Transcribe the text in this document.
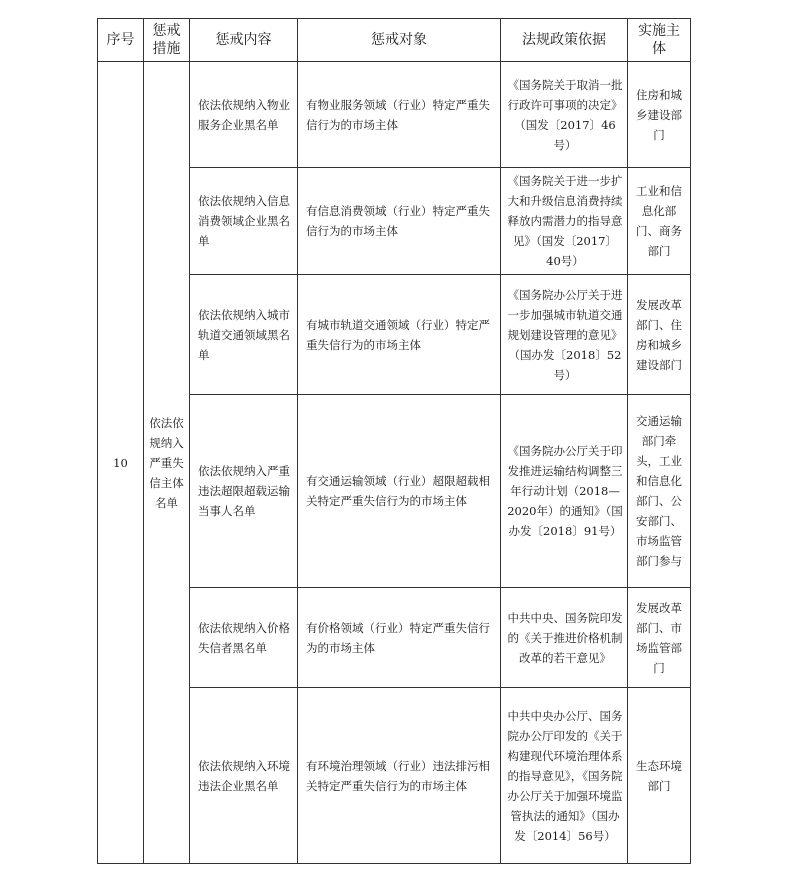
序号	惩戒措施	惩戒内容	惩戒对象	法规政策依据	实施主体
10	依法依规纳入严重失信主体名单	依法依规纳入物业服务企业黑名单	有物业服务领域（行业）特定严重失信行为的市场主体	《国务院关于取消一批行政许可事项的决定》（国发〔2017〕46号）	住房和城乡建设部门
		依法依规纳入信息消费领域企业黑名单	有信息消费领域（行业）特定严重失信行为的市场主体	《国务院关于进一步扩大和升级信息消费持续释放内需潜力的指导意见》（国发〔2017〕40号）	工业和信息化部门、商务部门
		依法依规纳入城市轨道交通领域黑名单	有城市轨道交通领域（行业）特定严重失信行为的市场主体	《国务院办公厅关于进一步加强城市轨道交通规划建设管理的意见》（国办发〔2018〕52号）	发展改革部门、住房和城乡建设部门
		依法依规纳入严重违法超限超载运输当事人名单	有交通运输领域（行业）超限超载相关特定严重失信行为的市场主体	《国务院办公厅关于印发推进运输结构调整三年行动计划（2018—2020年）的通知》（国办发〔2018〕91号）	交通运输部门牵头，工业和信息化部门、公安部门、市场监管部门参与
		依法依规纳入价格失信者黑名单	有价格领域（行业）特定严重失信行为的市场主体	中共中央、国务院印发的《关于推进价格机制改革的若干意见》	发展改革部门、市场监管部门
		依法依规纳入环境违法企业黑名单	有环境治理领域（行业）违法排污相关特定严重失信行为的市场主体	中共中央办公厅、国务院办公厅印发的《关于构建现代环境治理体系的指导意见》，《国务院办公厅关于加强环境监管执法的通知》（国办发〔2014〕56号）	生态环境部门
